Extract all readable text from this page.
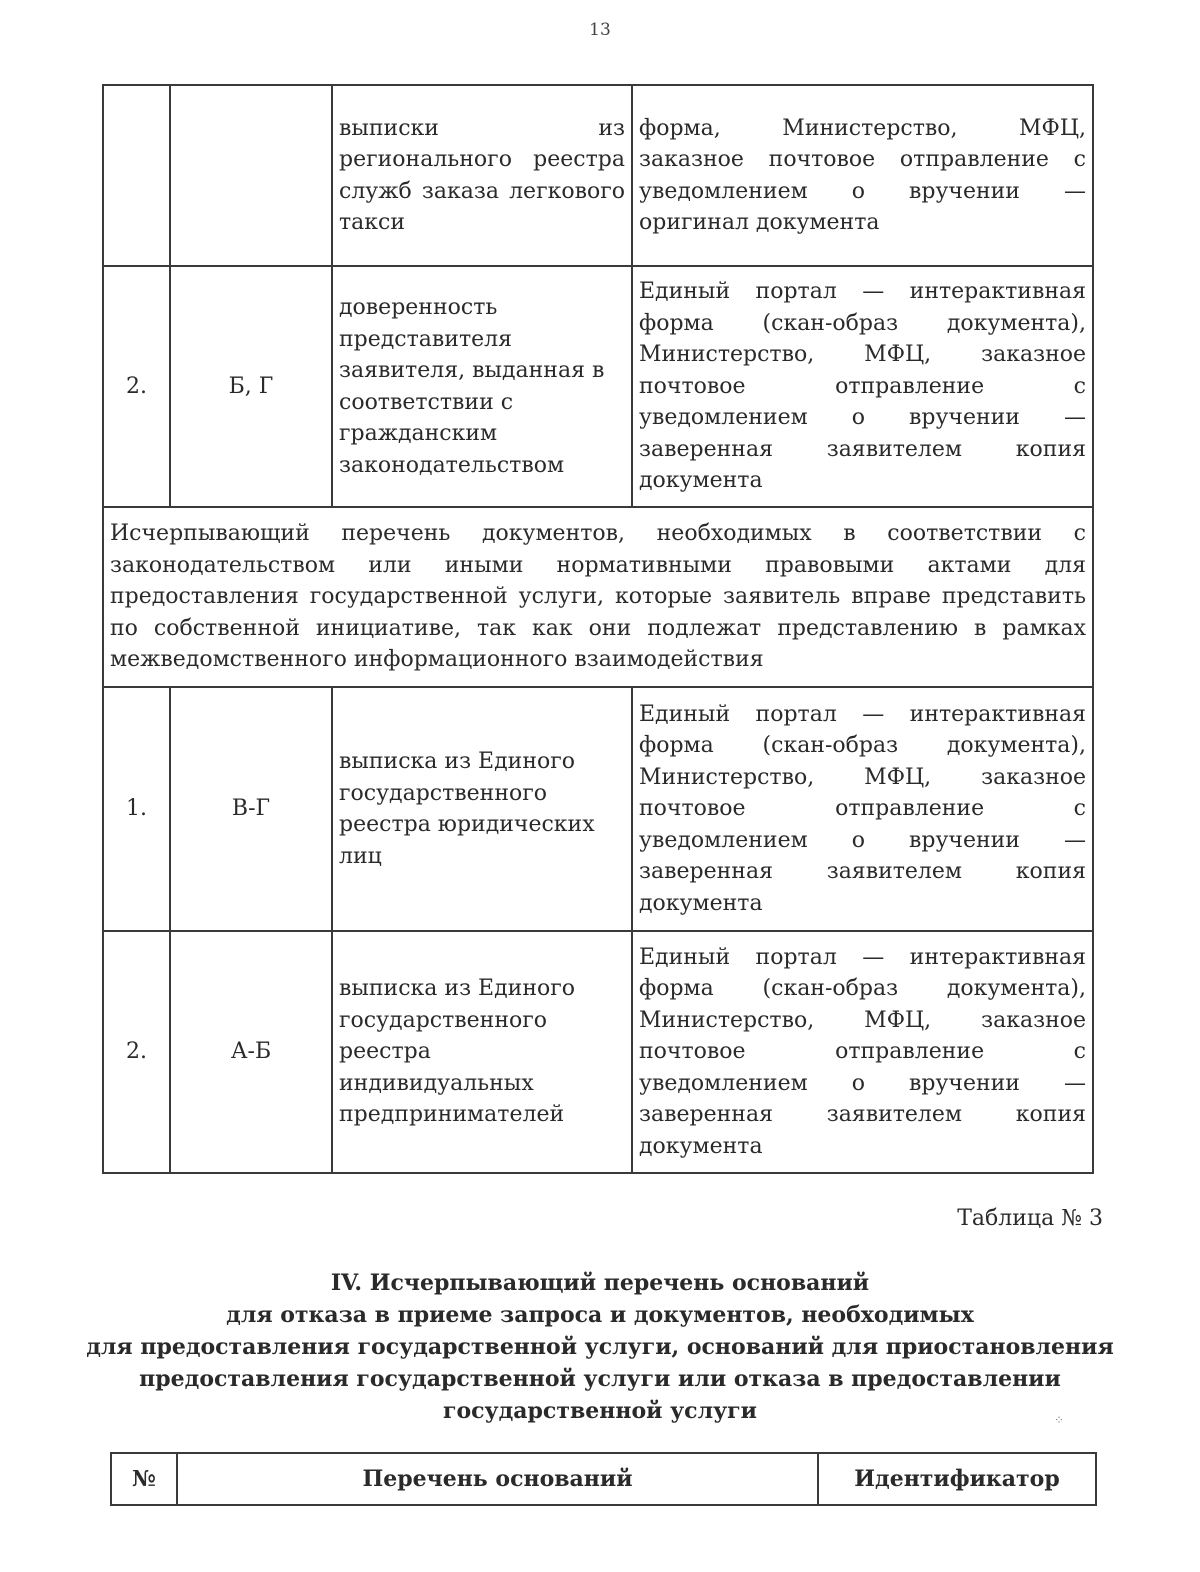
13
		выписки из регионального реестра служб заказа легкового такси	форма, Министерство, МФЦ, заказное почтовое отправление с уведомлением о вручении — оригинал документа
2.	Б, Г	доверенность представителя заявителя, выданная в соответствии с гражданским законодательством	Единый портал — интерактивная форма (скан-образ документа), Министерство, МФЦ, заказное почтовое отправление с уведомлением о вручении — заверенная заявителем копия документа
Исчерпывающий перечень документов, необходимых в соответствии с законодательством или иными нормативными правовыми актами для предоставления государственной услуги, которые заявитель вправе представить по собственной инициативе, так как они подлежат представлению в рамках межведомственного информационного взаимодействия			
1.	В-Г	выписка из Единого государственного реестра юридических лиц	Единый портал — интерактивная форма (скан-образ документа), Министерство, МФЦ, заказное почтовое отправление с уведомлением о вручении — заверенная заявителем копия документа
2.	А-Б	выписка из Единого государственного реестра индивидуальных предпринимателей	Единый портал — интерактивная форма (скан-образ документа), Министерство, МФЦ, заказное почтовое отправление с уведомлением о вручении — заверенная заявителем копия документа
Таблица № 3
IV. Исчерпывающий перечень оснований
для отказа в приеме запроса и документов, необходимых
для предоставления государственной услуги, оснований для приостановления
предоставления государственной услуги или отказа в предоставлении
государственной услуги	⁘
№	Перечень оснований	Идентификатор
